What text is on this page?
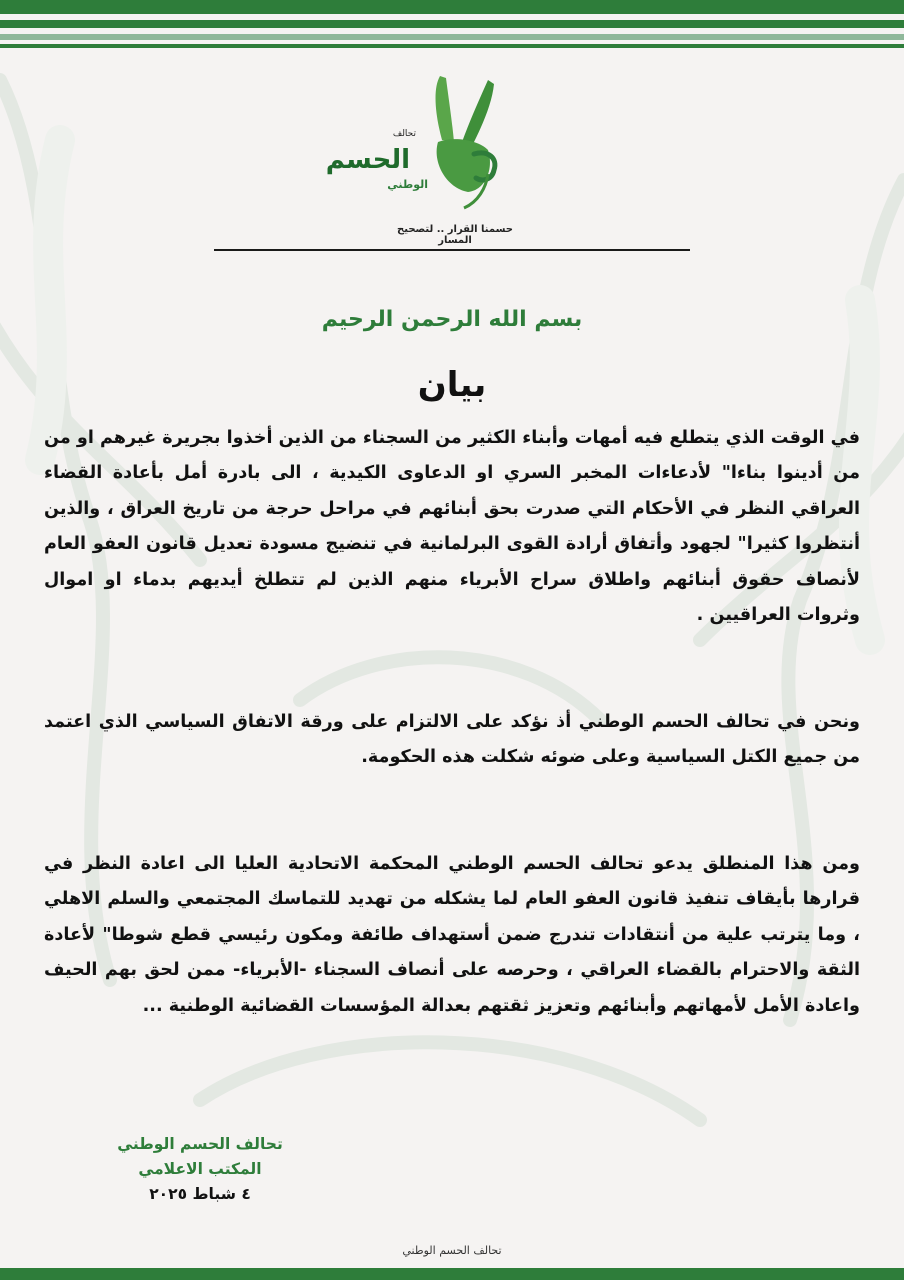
تحالف
الحسم
الوطني
حسمنا القرار .. لتصحيح المسار
بسم الله الرحمن الرحيم
بيان
في الوقت الذي يتطلع فيه أمهات وأبناء الكثير من السجناء من الذين أخذوا بجريرة غيرهم او من من أدينوا بناءا" لأدعاءات المخبر السري او الدعاوى الكيدية ، الى بادرة أمل بأعادة القضاء العراقي النظر في الأحكام التي صدرت بحق أبنائهم في مراحل حرجة من تاريخ العراق ، والذين أنتظروا كثيرا" لجهود وأتفاق أرادة القوى البرلمانية في تنضيج مسودة تعديل قانون العفو العام لأنصاف حقوق أبنائهم واطلاق سراح الأبرياء منهم الذين لم تتطلخ أيديهم بدماء او اموال وثروات العراقيين .
ونحن في تحالف الحسم الوطني أذ نؤكد على الالتزام على ورقة الاتفاق السياسي الذي اعتمد من جميع الكتل السياسية وعلى ضوئه شكلت هذه الحكومة.
ومن هذا المنطلق يدعو تحالف الحسم الوطني المحكمة الاتحادية العليا الى اعادة النظر في قرارها بأيقاف تنفيذ قانون العفو العام لما يشكله من تهديد للتماسك المجتمعي والسلم الاهلي ، وما يترتب علية من أنتقادات تندرج ضمن أستهداف طائفة ومكون رئيسي قطع شوطا" لأعادة الثقة والاحترام بالقضاء العراقي ، وحرصه على أنصاف السجناء -الأبرياء- ممن لحق بهم الحيف واعادة الأمل لأمهاتهم وأبنائهم وتعزيز ثقتهم بعدالة المؤسسات القضائية الوطنية ...
تحالف الحسم الوطني
المكتب الاعلامي
٤ شباط ٢٠٢٥
تحالف الحسم الوطني
